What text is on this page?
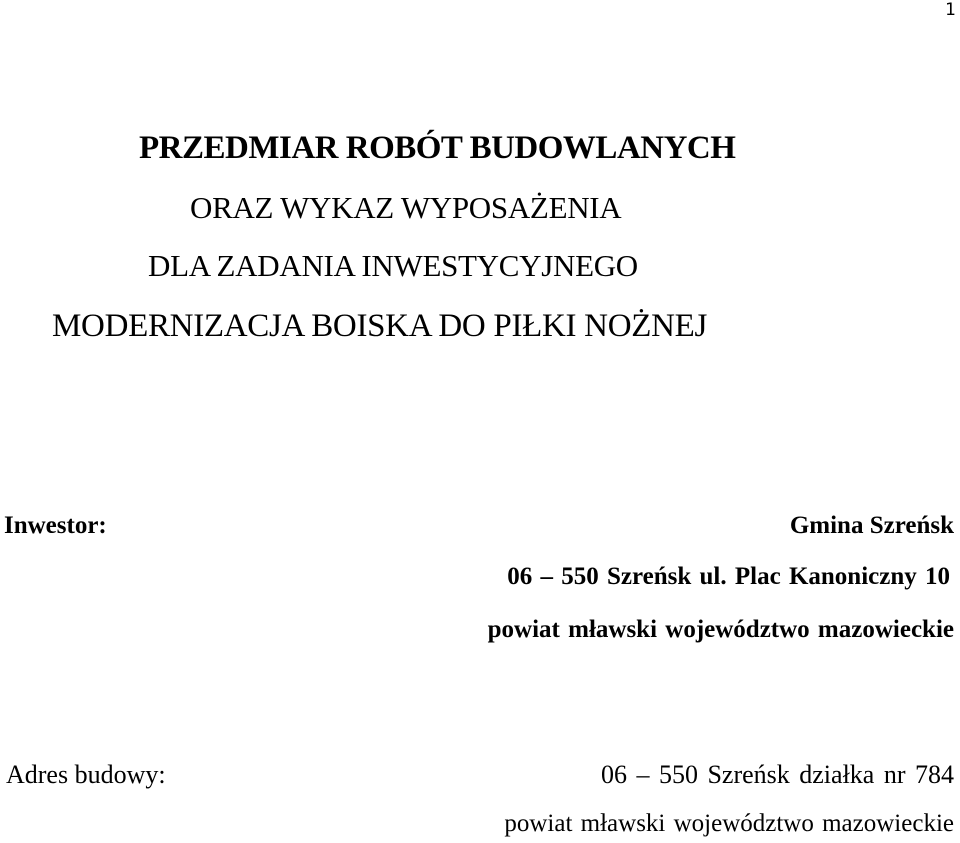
1
PRZEDMIAR ROBÓT BUDOWLANYCH
ORAZ WYKAZ WYPOSAŻENIA
DLA ZADANIA INWESTYCYJNEGO
MODERNIZACJA BOISKA DO PIŁKI NOŻNEJ
Inwestor:	Gmina Szreńsk
06 – 550 Szreńsk ul. Plac Kanoniczny 10
powiat mławski województwo mazowieckie
Adres budowy:	06 – 550 Szreńsk działka nr 784
powiat mławski województwo mazowieckie
